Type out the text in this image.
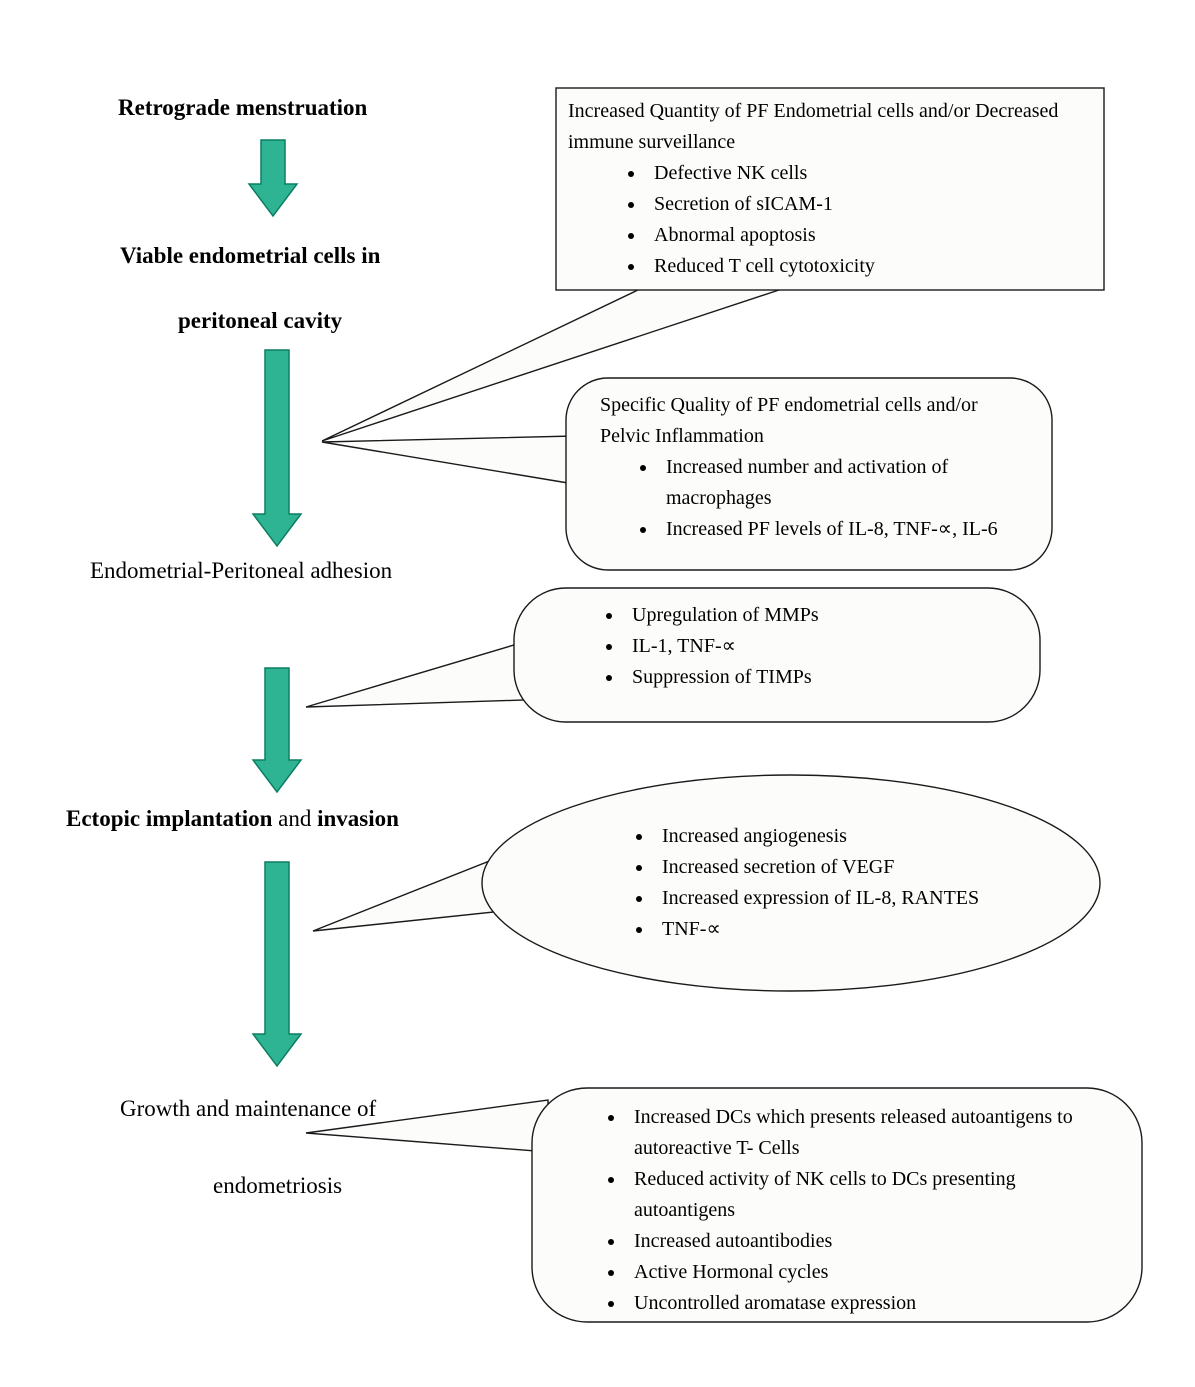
Retrograde menstruation
Viable endometrial cells in
peritoneal cavity
Endometrial-Peritoneal adhesion
Ectopic implantation and invasion
Growth and maintenance of
endometriosis
Increased Quantity of PF Endometrial cells and/or Decreased immune surveillance
• Defective NK cells
• Secretion of sICAM-1
• Abnormal apoptosis
• Reduced T cell cytotoxicity
Specific Quality of PF endometrial cells and/or Pelvic Inflammation
• Increased number and activation of macrophages
• Increased PF levels of IL-8, TNF-∝, IL-6
• Upregulation of MMPs
• IL-1, TNF-∝
• Suppression of TIMPs
• Increased angiogenesis
• Increased secretion of VEGF
• Increased expression of IL-8, RANTES
• TNF-∝
• Increased DCs which presents released autoantigens to autoreactive T- Cells
• Reduced activity of NK cells to DCs presenting autoantigens
• Increased autoantibodies
• Active Hormonal cycles
• Uncontrolled aromatase expression
